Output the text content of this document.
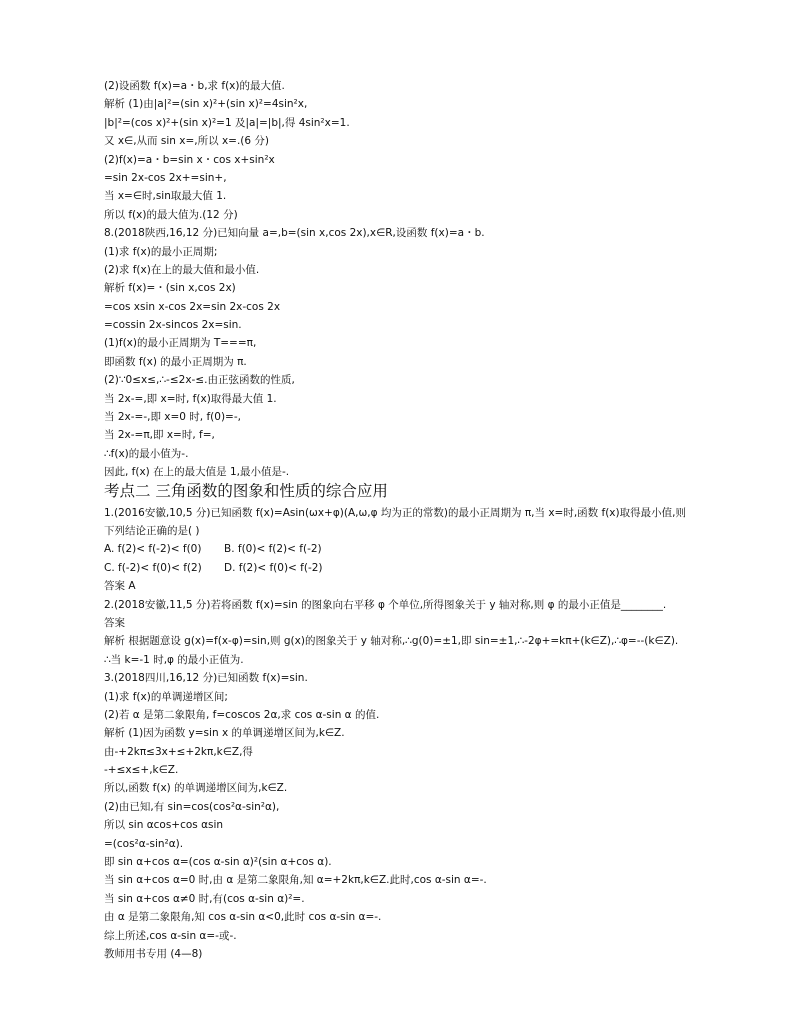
(2)设函数 f(x)=a・b,求 f(x)的最大值.
解析 (1)由|a|²=(sin x)²+(sin x)²=4sin²x,
|b|²=(cos x)²+(sin x)²=1 及|a|=|b|,得 4sin²x=1.
又 x∈,从而 sin x=,所以 x=.(6 分)
(2)f(x)=a・b=sin x・cos x+sin²x
=sin 2x-cos 2x+=sin+,
当 x=∈时,sin取最大值 1.
所以 f(x)的最大值为.(12 分)
8.(2018陕西,16,12 分)已知向量 a=,b=(sin x,cos 2x),x∈R,设函数 f(x)=a・b.
(1)求 f(x)的最小正周期;
(2)求 f(x)在上的最大值和最小值.
解析 f(x)=・(sin x,cos 2x)
=cos xsin x-cos 2x=sin 2x-cos 2x
=cossin 2x-sincos 2x=sin.
(1)f(x)的最小正周期为 T===π,
即函数 f(x) 的最小正周期为 π.
(2)∵0≤x≤,∴-≤2x-≤.由正弦函数的性质,
当 2x-=,即 x=时, f(x)取得最大值 1.
当 2x-=-,即 x=0 时, f(0)=-,
当 2x-=π,即 x=时, f=,
∴f(x)的最小值为-.
因此, f(x) 在上的最大值是 1,最小值是-.
考点二 三角函数的图象和性质的综合应用
1.(2016安徽,10,5 分)已知函数 f(x)=Asin(ωx+φ)(A,ω,φ 均为正的常数)的最小正周期为 π,当 x=时,函数 f(x)取得最小值,则下列结论正确的是( )
A. f(2)< f(-2)< f(0)	B. f(0)< f(2)< f(-2)
C. f(-2)< f(0)< f(2)	D. f(2)< f(0)< f(-2)
答案 A
2.(2018安徽,11,5 分)若将函数 f(x)=sin 的图象向右平移 φ 个单位,所得图象关于 y 轴对称,则 φ 的最小正值是________.
答案
解析 根据题意设 g(x)=f(x-φ)=sin,则 g(x)的图象关于 y 轴对称,∴g(0)=±1,即 sin=±1,∴-2φ+=kπ+(k∈Z),∴φ=--(k∈Z).
∴当 k=-1 时,φ 的最小正值为.
3.(2018四川,16,12 分)已知函数 f(x)=sin.
(1)求 f(x)的单调递增区间;
(2)若 α 是第二象限角, f=coscos 2α,求 cos α-sin α 的值.
解析 (1)因为函数 y=sin x 的单调递增区间为,k∈Z.
由-+2kπ≤3x+≤+2kπ,k∈Z,得
-+≤x≤+,k∈Z.
所以,函数 f(x) 的单调递增区间为,k∈Z.
(2)由已知,有 sin=cos(cos²α-sin²α),
所以 sin αcos+cos αsin
=(cos²α-sin²α).
即 sin α+cos α=(cos α-sin α)²(sin α+cos α).
当 sin α+cos α=0 时,由 α 是第二象限角,知 α=+2kπ,k∈Z.此时,cos α-sin α=-.
当 sin α+cos α≠0 时,有(cos α-sin α)²=.
由 α 是第二象限角,知 cos α-sin α<0,此时 cos α-sin α=-.
综上所述,cos α-sin α=-或-.
教师用书专用 (4—8)
